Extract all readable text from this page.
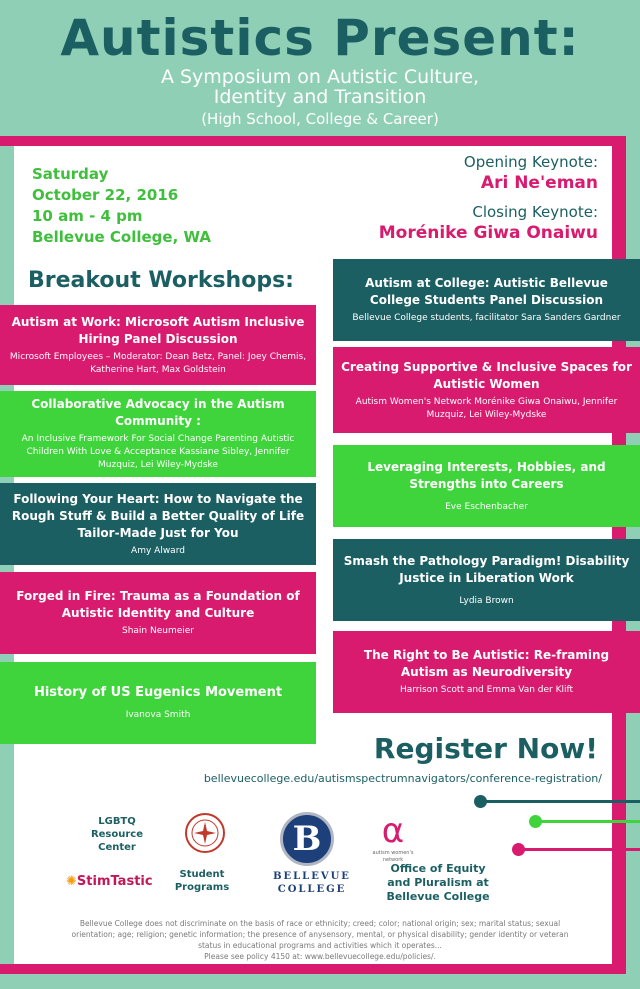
Autistics Present:
A Symposium on Autistic Culture,
Identity and Transition
(High School, College & Career)
Saturday
October 22, 2016
10 am - 4 pm
Bellevue College, WA
Opening Keynote:
Ari Ne'eman
Closing Keynote:
Morénike Giwa Onaiwu
Breakout Workshops:
Autism at Work: Microsoft Autism Inclusive Hiring Panel Discussion
Microsoft Employees – Moderator: Dean Betz, Panel: Joey Chemis, Katherine Hart, Max Goldstein
Collaborative Advocacy in the Autism Community :
An Inclusive Framework For Social Change Parenting Autistic Children With Love & Acceptance Kassiane Sibley, Jennifer Muzquiz, Lei Wiley-Mydske
Following Your Heart: How to Navigate the Rough Stuff & Build a Better Quality of Life Tailor-Made Just for You
Amy Alward
Forged in Fire: Trauma as a Foundation of Autistic Identity and Culture
Shain Neumeier
History of US Eugenics Movement
Ivanova Smith
Autism at College: Autistic Bellevue College Students Panel Discussion
Bellevue College students, facilitator Sara Sanders Gardner
Creating Supportive & Inclusive Spaces for Autistic Women
Autism Women's Network Morénike Giwa Onaiwu, Jennifer Muzquiz, Lei Wiley-Mydske
Leveraging Interests, Hobbies, and Strengths into Careers
Eve Eschenbacher
Smash the Pathology Paradigm! Disability Justice in Liberation Work
Lydia Brown
The Right to Be Autistic: Re-framing Autism as Neurodiversity
Harrison Scott and Emma Van der Klift
Register Now!
bellevuecollege.edu/autismspectrumnavigators/conference-registration/
LGBTQ Resource Center
Student Programs
✺StimTastic
B
BELLEVUE COLLEGE
α
autism women's network
Office of Equity and Pluralism at Bellevue College
Bellevue College does not discriminate on the basis of race or ethnicity; creed; color; national origin; sex; marital status; sexual orientation; age; religion; genetic information; the presence of anysensory, mental, or physical disability; gender identity or veteran status in educational programs and activities which it operates...
Please see policy 4150 at: www.bellevuecollege.edu/policies/.
